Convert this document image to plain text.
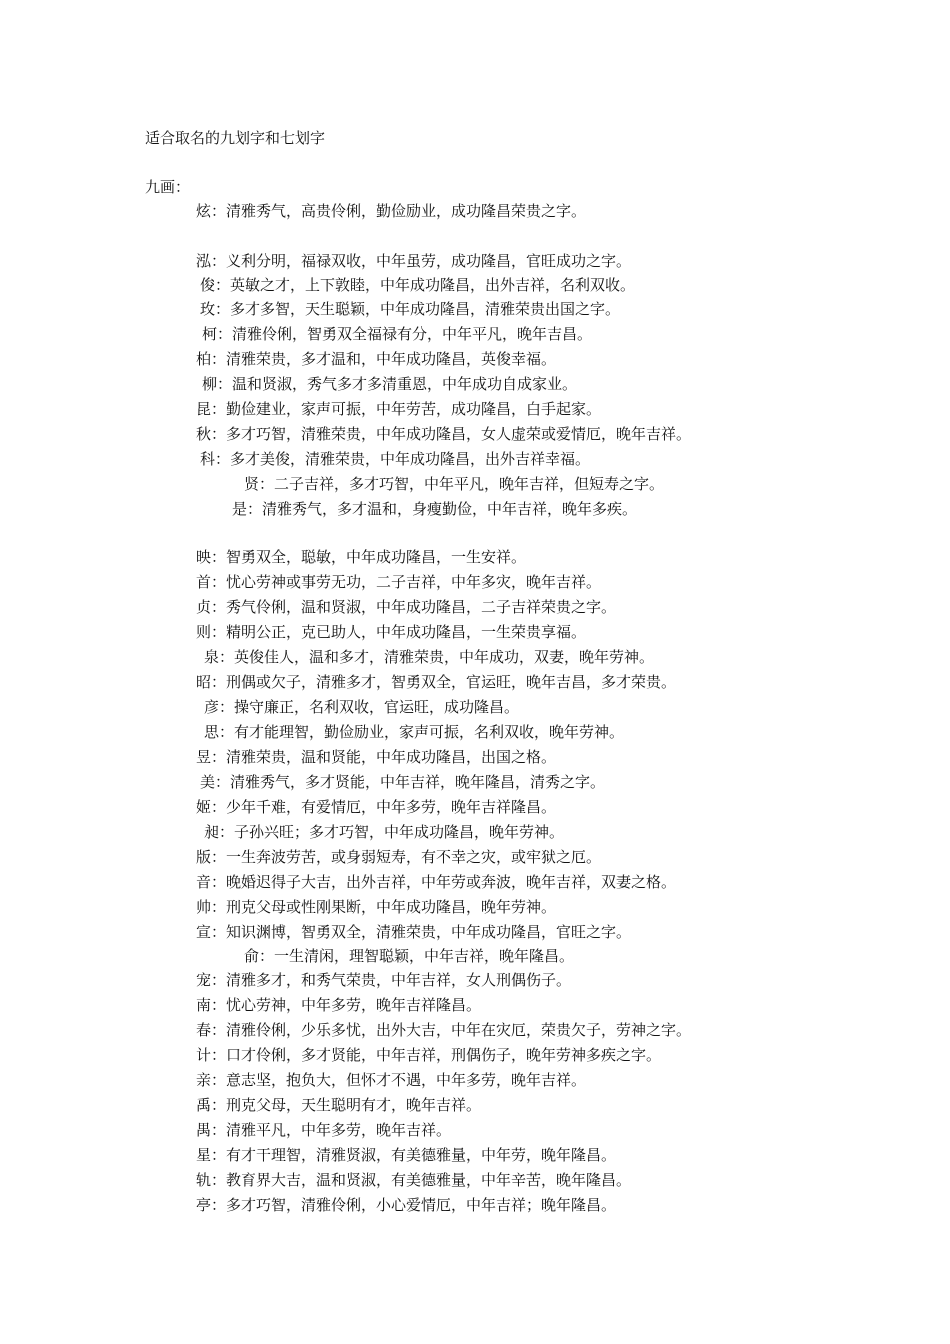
适合取名的九划字和七划字
九画：
炫：清雅秀气，高贵伶俐，勤俭励业，成功隆昌荣贵之字。
泓：义利分明，福禄双收，中年虽劳，成功隆昌，官旺成功之字。
俊：英敏之才，上下敦睦，中年成功隆昌，出外吉祥，名利双收。
玫：多才多智，天生聪颖，中年成功隆昌，清雅荣贵出国之字。
柯：清雅伶俐，智勇双全福禄有分，中年平凡，晚年吉昌。
柏：清雅荣贵，多才温和，中年成功隆昌，英俊幸福。
柳：温和贤淑，秀气多才多清重恩，中年成功自成家业。
昆：勤俭建业，家声可振，中年劳苦，成功隆昌，白手起家。
秋：多才巧智，清雅荣贵，中年成功隆昌，女人虚荣或爱情厄，晚年吉祥。
科：多才美俊，清雅荣贵，中年成功隆昌，出外吉祥幸福。
贤：二子吉祥，多才巧智，中年平凡，晚年吉祥，但短寿之字。
是：清雅秀气，多才温和，身瘦勤俭，中年吉祥，晚年多疾。
映：智勇双全，聪敏，中年成功隆昌，一生安祥。
首：忧心劳神或事劳无功，二子吉祥，中年多灾，晚年吉祥。
贞：秀气伶俐，温和贤淑，中年成功隆昌，二子吉祥荣贵之字。
则：精明公正，克已助人，中年成功隆昌，一生荣贵享福。
泉：英俊佳人，温和多才，清雅荣贵，中年成功，双妻，晚年劳神。
昭：刑偶或欠子，清雅多才，智勇双全，官运旺，晚年吉昌，多才荣贵。
彦：操守廉正，名利双收，官运旺，成功隆昌。
思：有才能理智，勤俭励业，家声可振，名利双收，晚年劳神。
昱：清雅荣贵，温和贤能，中年成功隆昌，出国之格。
美：清雅秀气，多才贤能，中年吉祥，晚年隆昌，清秀之字。
姬：少年千难，有爱情厄，中年多劳，晚年吉祥隆昌。
昶：子孙兴旺；多才巧智，中年成功隆昌，晚年劳神。
版：一生奔波劳苦，或身弱短寿，有不幸之灾，或牢狱之厄。
音：晚婚迟得子大吉，出外吉祥，中年劳或奔波，晚年吉祥，双妻之格。
帅：刑克父母或性刚果断，中年成功隆昌，晚年劳神。
宣：知识渊博，智勇双全，清雅荣贵，中年成功隆昌，官旺之字。
俞：一生清闲，理智聪颖，中年吉祥，晚年隆昌。
宠：清雅多才，和秀气荣贵，中年吉祥，女人刑偶伤子。
南：忧心劳神，中年多劳，晚年吉祥隆昌。
春：清雅伶俐，少乐多忧，出外大吉，中年在灾厄，荣贵欠子，劳神之字。
计：口才伶俐，多才贤能，中年吉祥，刑偶伤子，晚年劳神多疾之字。
亲：意志坚，抱负大，但怀才不遇，中年多劳，晚年吉祥。
禹：刑克父母，天生聪明有才，晚年吉祥。
禺：清雅平凡，中年多劳，晚年吉祥。
星：有才干理智，清雅贤淑，有美德雅量，中年劳，晚年隆昌。
轨：教育界大吉，温和贤淑，有美德雅量，中年辛苦，晚年隆昌。
亭：多才巧智，清雅伶俐，小心爱情厄，中年吉祥；晚年隆昌。
